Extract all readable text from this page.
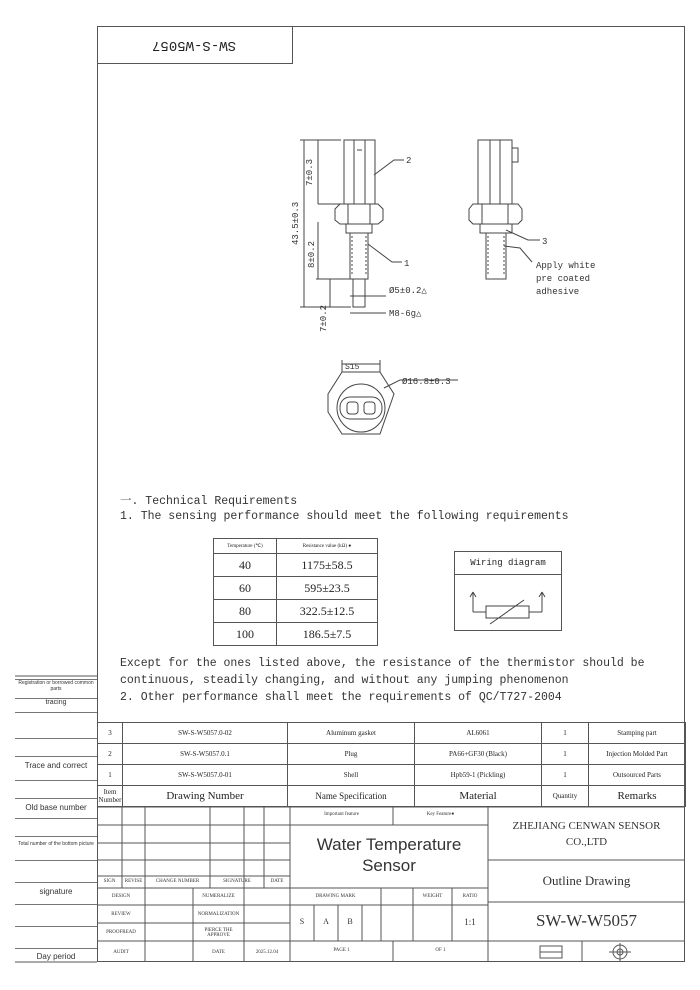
SW-S-W5057
7±0.3
43.5±0.3
8±0.2
Ø5±0.2△
M8-6g△
7±0.2
S15
Ø16.8±0.3
2
1
3
Apply white
pre coated
adhesive
一. Technical Requirements
1. The sensing performance should meet the following requirements
Temperature (℃)	Resistance value (kΩ) ●
40	1175±58.5
60	595±23.5
80	322.5±12.5
100	186.5±7.5
Wiring diagram
Except for the ones listed above, the resistance of the thermistor should be
continuous, steadily changing, and without any jumping phenomenon
2. Other performance shall meet the requirements of QC/T727-2004
Registration or borrowed common parts
tracing
Trace and correct
Old base number
Total number of the bottom picture
signature
Day period
3	SW-S-W5057.0-02	Aluminum gasket	AL6061	1	Stamping part
2	SW-S-W5057.0.1	Plug	PA66+GF30 (Black)	1	Injection Molded Part
1	SW-S-W5057.0-01	Shell	Hpb59-1 (Pickling)	1	Outsourced Parts
Item Number	Drawing Number	Name Specification	Material	Quantity	Remarks
Important feature	Key Feature●
Water Temperature
Sensor
ZHEJIANG CENWAN SENSOR
CO.,LTD
Outline Drawing
SW-W-W5057
DRAWING MARK	WEIGHT	RATIO
S	A	B	1:1
PAGE 1	OF 1
SIGN	REVISE	CHANGE NUMBER	SIGNATURE	DATE
DESIGN
REVIEW
PROOFREAD
AUDIT
NUMERALIZE
NORMALIZATION
PIERCE THE APPROVE
DATE	2025.12.04
